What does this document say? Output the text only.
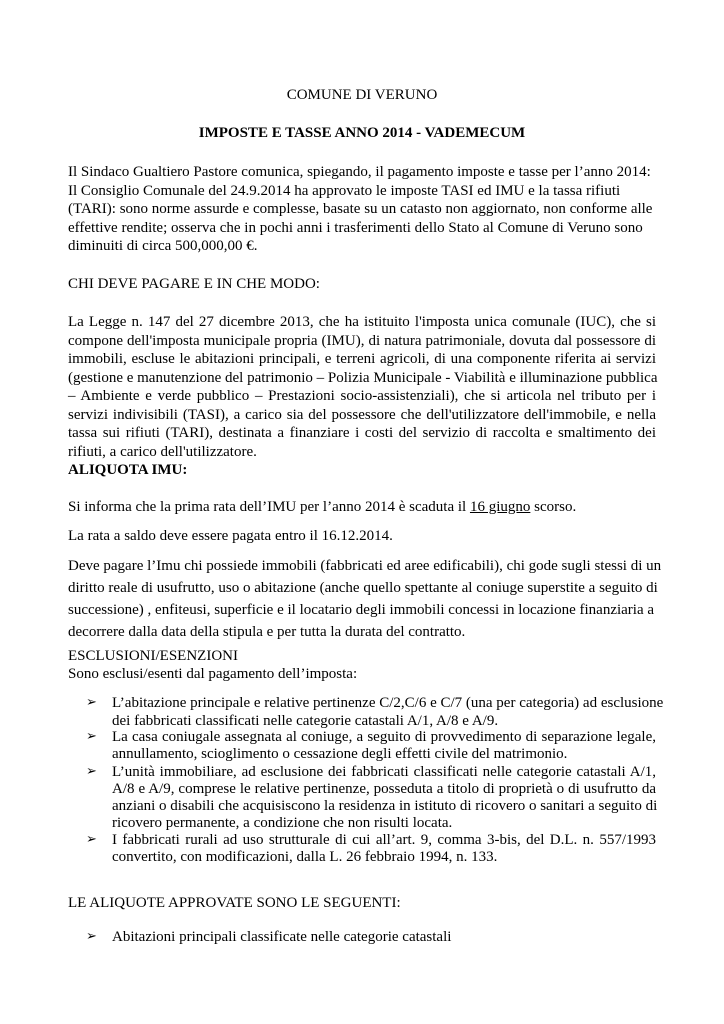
COMUNE DI VERUNO
IMPOSTE E TASSE ANNO 2014 - VADEMECUM
Il Sindaco Gualtiero Pastore comunica, spiegando, il pagamento imposte e tasse per l’anno 2014:
Il Consiglio Comunale del 24.9.2014 ha approvato le imposte TASI ed IMU e la tassa rifiuti
(TARI): sono norme assurde e complesse, basate su un catasto non aggiornato, non conforme alle
effettive rendite; osserva che in pochi anni i trasferimenti dello Stato al Comune di Veruno sono
diminuiti di circa 500,000,00 €.
CHI DEVE PAGARE E IN CHE MODO:
La Legge n. 147 del 27 dicembre 2013, che ha istituito l'imposta unica comunale (IUC), che si
compone dell'imposta municipale propria (IMU), di natura patrimoniale, dovuta dal possessore di
immobili, escluse le abitazioni principali, e terreni agricoli, di una componente riferita ai servizi
(gestione e manutenzione del patrimonio – Polizia Municipale - Viabilità e illuminazione pubblica
– Ambiente e verde pubblico – Prestazioni socio-assistenziali), che si articola nel tributo per i
servizi indivisibili (TASI), a carico sia del possessore che dell'utilizzatore dell'immobile, e nella
tassa sui rifiuti (TARI), destinata a finanziare i costi del servizio di raccolta e smaltimento dei
rifiuti, a carico dell'utilizzatore.
ALIQUOTA IMU:
Si informa che la prima rata dell’IMU per l’anno 2014 è scaduta il 16 giugno scorso.
La rata a saldo deve essere pagata entro il 16.12.2014.
Deve pagare l’Imu chi possiede immobili (fabbricati ed aree edificabili), chi gode sugli stessi di un
diritto reale di usufrutto, uso o abitazione (anche quello spettante al coniuge superstite a seguito di
successione) , enfiteusi, superficie e il locatario degli immobili concessi in locazione finanziaria a
decorrere dalla data della stipula e per tutta la durata del contratto.
ESCLUSIONI/ESENZIONI
Sono esclusi/esenti dal pagamento dell’imposta:
➢ L’abitazione principale e relative pertinenze C/2,C/6 e C/7 (una per categoria) ad esclusione
dei fabbricati classificati nelle categorie catastali A/1, A/8 e A/9.
➢ La casa coniugale assegnata al coniuge, a seguito di provvedimento di separazione legale,
annullamento, scioglimento o cessazione degli effetti civile del matrimonio.
➢ L’unità immobiliare, ad esclusione dei fabbricati classificati nelle categorie catastali A/1,
A/8 e A/9, comprese le relative pertinenze, posseduta a titolo di proprietà o di usufrutto da
anziani o disabili che acquisiscono la residenza in istituto di ricovero o sanitari a seguito di
ricovero permanente, a condizione che non risulti locata.
➢ I fabbricati rurali ad uso strutturale di cui all’art. 9, comma 3-bis, del D.L. n. 557/1993
convertito, con modificazioni, dalla L. 26 febbraio 1994, n. 133.
LE ALIQUOTE APPROVATE SONO LE SEGUENTI:
➢ Abitazioni principali classificate nelle categorie catastali
